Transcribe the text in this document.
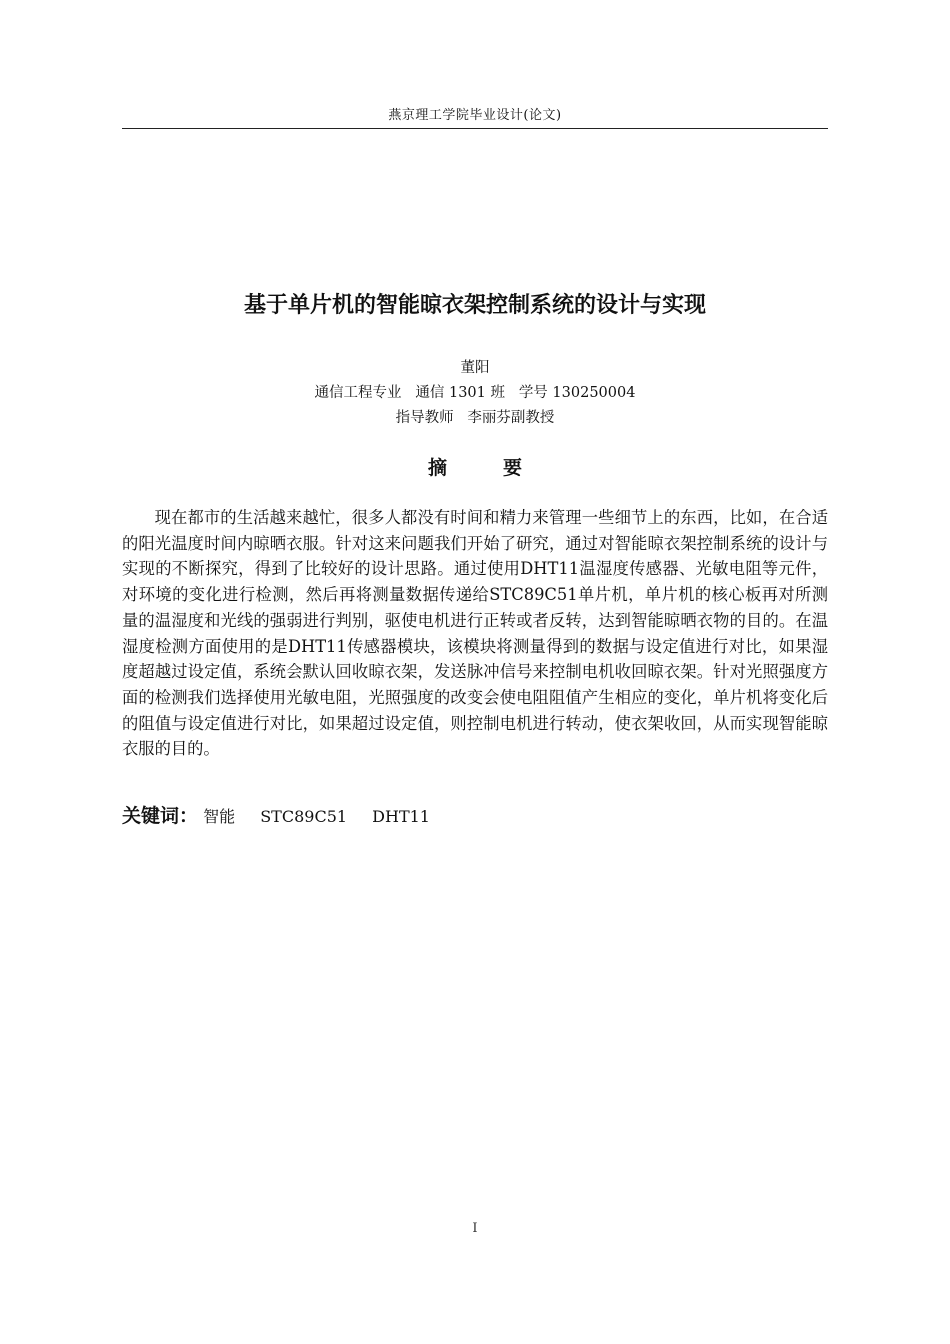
燕京理工学院毕业设计(论文)
基于单片机的智能晾衣架控制系统的设计与实现
董阳
通信工程专业 通信 1301 班 学号 130250004
指导教师 李丽芬副教授
摘	要

现在都市的生活越来越忙，很多人都没有时间和精力来管理一些细节上的东西，比如，在合适的阳光温度时间内晾晒衣服。针对这来问题我们开始了研究，通过对智能晾衣架控制系统的设计与实现的不断探究，得到了比较好的设计思路。通过使用DHT11温湿度传感器、光敏电阻等元件，对环境的变化进行检测，然后再将测量数据传递给STC89C51单片机，单片机的核心板再对所测量的温湿度和光线的强弱进行判别，驱使电机进行正转或者反转，达到智能晾晒衣物的目的。在温湿度检测方面使用的是DHT11传感器模块，该模块将测量得到的数据与设定值进行对比，如果湿度超越过设定值，系统会默认回收晾衣架，发送脉冲信号来控制电机收回晾衣架。针对光照强度方面的检测我们选择使用光敏电阻，光照强度的改变会使电阻阻值产生相应的变化，单片机将变化后的阻值与设定值进行对比，如果超过设定值，则控制电机进行转动，使衣架收回，从而实现智能晾衣服的目的。

关键词： 智能 STC89C51 DHT11
I
